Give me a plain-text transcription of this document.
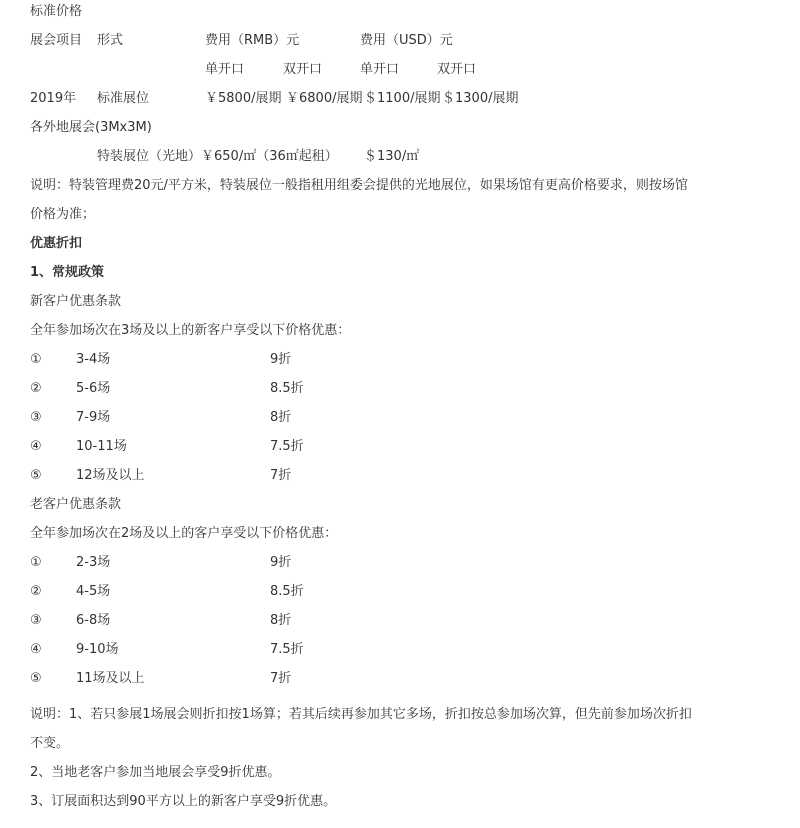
标准价格
展会项目 形式	费用（RMB）元	费用（USD）元
单开口	双开口	单开口	双开口
2019年 标准展位	￥5800/展期 ￥6800/展期 ＄1100/展期 ＄1300/展期
各外地展会(3Mx3M)
特装展位（光地）￥650/㎡（36㎡起租） ＄130/㎡
说明：特装管理费20元/平方米，特装展位一般指租用组委会提供的光地展位，如果场馆有更高价格要求，则按场馆
价格为准；
优惠折扣
1、常规政策
新客户优惠条款
全年参加场次在3场及以上的新客户享受以下价格优惠：
①	3-4场	9折
②	5-6场	8.5折
③	7-9场	8折
④	10-11场	7.5折
⑤	12场及以上	7折
老客户优惠条款
全年参加场次在2场及以上的客户享受以下价格优惠：
①	2-3场	9折
②	4-5场	8.5折
③	6-8场	8折
④	9-10场	7.5折
⑤	11场及以上	7折
说明：1、若只参展1场展会则折扣按1场算；若其后续再参加其它多场，折扣按总参加场次算，但先前参加场次折扣
不变。
2、当地老客户参加当地展会享受9折优惠。
3、订展面积达到90平方以上的新客户享受9折优惠。
